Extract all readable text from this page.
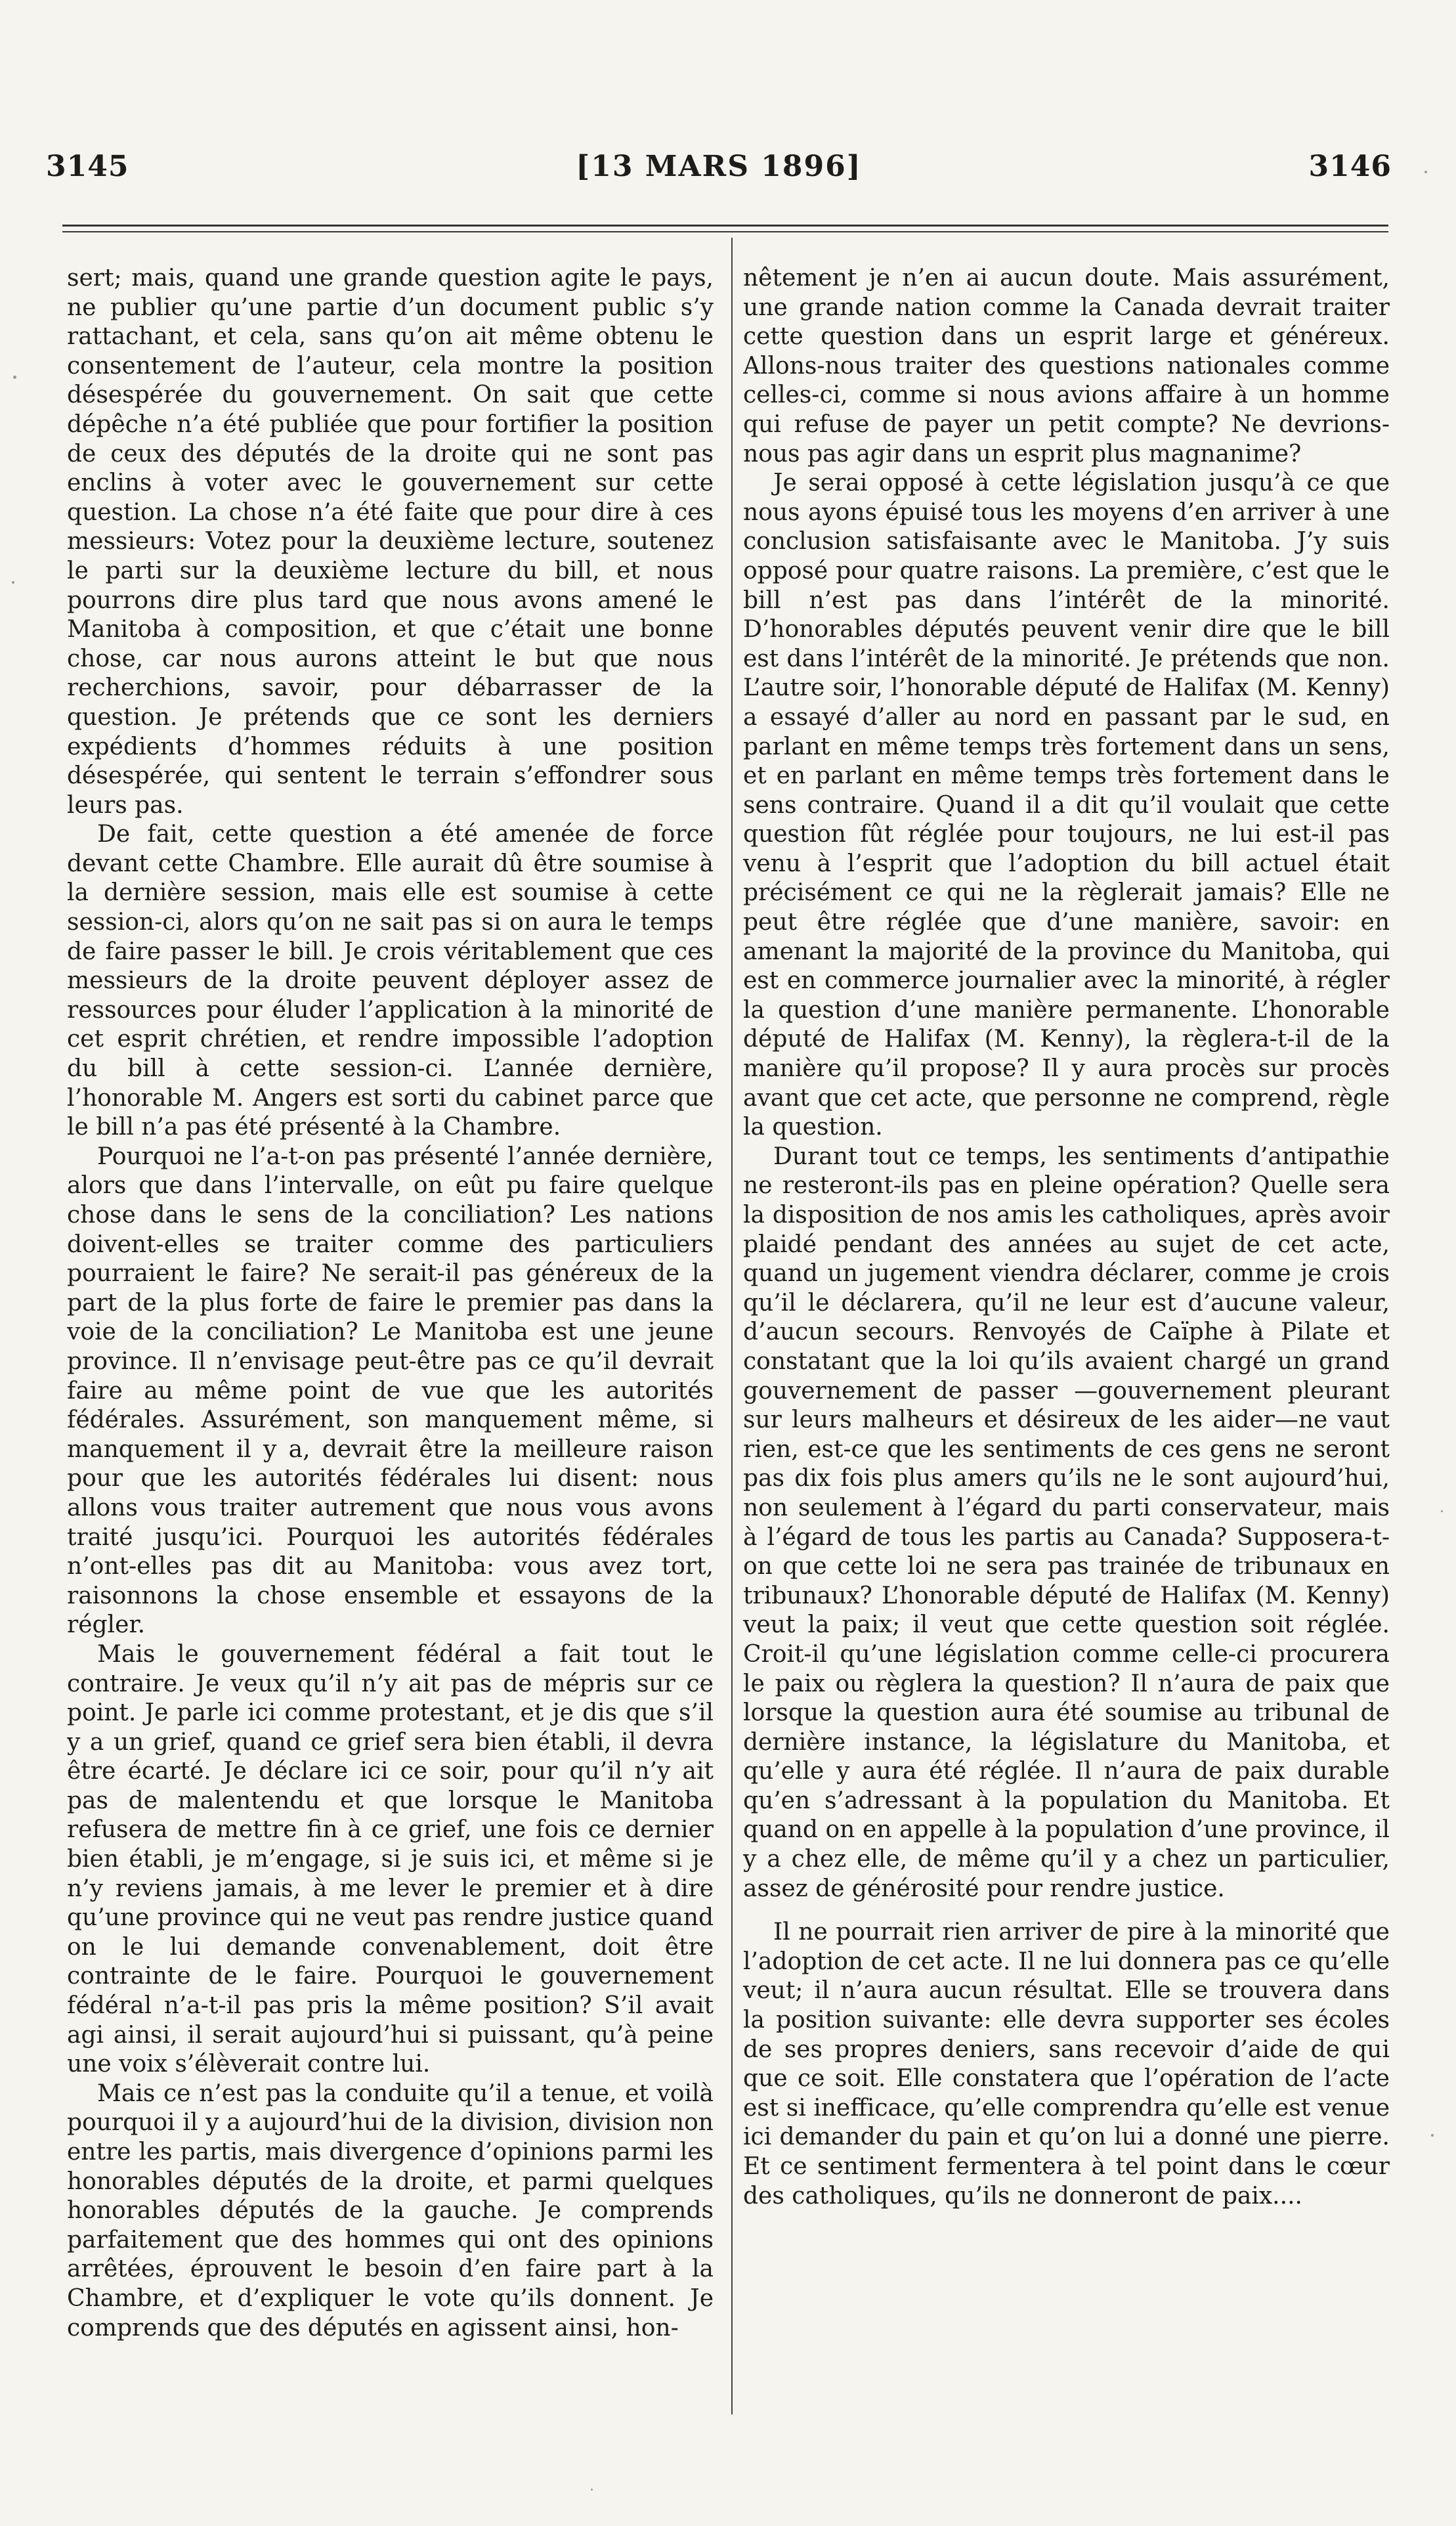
3145	[13 MARS 1896]	3146

sert; mais, quand une grande question agite le pays, ne publier qu’une partie d’un document public s’y rattachant, et cela, sans qu’on ait même obtenu le consentement de l’auteur, cela montre la position désespérée du gouvernement. On sait que cette dépêche n’a été publiée que pour fortifier la position de ceux des députés de la droite qui ne sont pas enclins à voter avec le gouvernement sur cette question. La chose n’a été faite que pour dire à ces messieurs: Votez pour la deuxième lecture, soutenez le parti sur la deuxième lecture du bill, et nous pourrons dire plus tard que nous avons amené le Manitoba à composition, et que c’était une bonne chose, car nous aurons atteint le but que nous recherchions, savoir, pour débarrasser de la question. Je prétends que ce sont les derniers expédients d’hommes réduits à une position désespérée, qui sentent le terrain s’effondrer sous leurs pas.

De fait, cette question a été amenée de force devant cette Chambre. Elle aurait dû être soumise à la dernière session, mais elle est soumise à cette session-ci, alors qu’on ne sait pas si on aura le temps de faire passer le bill. Je crois véritablement que ces messieurs de la droite peuvent déployer assez de ressources pour éluder l’application à la minorité de cet esprit chrétien, et rendre impossible l’adoption du bill à cette session-ci. L’année dernière, l’honorable M. Angers est sorti du cabinet parce que le bill n’a pas été présenté à la Chambre.

Pourquoi ne l’a-t-on pas présenté l’année dernière, alors que dans l’intervalle, on eût pu faire quelque chose dans le sens de la conciliation? Les nations doivent-elles se traiter comme des particuliers pourraient le faire? Ne serait-il pas généreux de la part de la plus forte de faire le premier pas dans la voie de la conciliation? Le Manitoba est une jeune province. Il n’envisage peut-être pas ce qu’il devrait faire au même point de vue que les autorités fédérales. Assurément, son manquement même, si manquement il y a, devrait être la meilleure raison pour que les autorités fédérales lui disent: nous allons vous traiter autrement que nous vous avons traité jusqu’ici. Pourquoi les autorités fédérales n’ont-elles pas dit au Manitoba: vous avez tort, raisonnons la chose ensemble et essayons de la régler.

Mais le gouvernement fédéral a fait tout le contraire. Je veux qu’il n’y ait pas de mépris sur ce point. Je parle ici comme protestant, et je dis que s’il y a un grief, quand ce grief sera bien établi, il devra être écarté. Je déclare ici ce soir, pour qu’il n’y ait pas de malentendu et que lorsque le Manitoba refusera de mettre fin à ce grief, une fois ce dernier bien établi, je m’engage, si je suis ici, et même si je n’y reviens jamais, à me lever le premier et à dire qu’une province qui ne veut pas rendre justice quand on le lui demande convenablement, doit être contrainte de le faire. Pourquoi le gouvernement fédéral n’a-t-il pas pris la même position? S’il avait agi ainsi, il serait aujourd’hui si puissant, qu’à peine une voix s’élèverait contre lui.

Mais ce n’est pas la conduite qu’il a tenue, et voilà pourquoi il y a aujourd’hui de la division, division non entre les partis, mais divergence d’opinions parmi les honorables députés de la droite, et parmi quelques honorables députés de la gauche. Je comprends parfaitement que des hommes qui ont des opinions arrêtées, éprouvent le besoin d’en faire part à la Chambre, et d’expliquer le vote qu’ils donnent. Je comprends que des députés en agissent ainsi, hon-

nêtement je n’en ai aucun doute. Mais assurément, une grande nation comme la Canada devrait traiter cette question dans un esprit large et généreux. Allons-nous traiter des questions nationales comme celles-ci, comme si nous avions affaire à un homme qui refuse de payer un petit compte? Ne devrions-nous pas agir dans un esprit plus magnanime?

Je serai opposé à cette législation jusqu’à ce que nous ayons épuisé tous les moyens d’en arriver à une conclusion satisfaisante avec le Manitoba. J’y suis opposé pour quatre raisons. La première, c’est que le bill n’est pas dans l’intérêt de la minorité. D’honorables députés peuvent venir dire que le bill est dans l’intérêt de la minorité. Je prétends que non. L’autre soir, l’honorable député de Halifax (M. Kenny) a essayé d’aller au nord en passant par le sud, en parlant en même temps très fortement dans un sens, et en parlant en même temps très fortement dans le sens contraire. Quand il a dit qu’il voulait que cette question fût réglée pour toujours, ne lui est-il pas venu à l’esprit que l’adoption du bill actuel était précisément ce qui ne la règlerait jamais? Elle ne peut être réglée que d’une manière, savoir: en amenant la majorité de la province du Manitoba, qui est en commerce journalier avec la minorité, à régler la question d’une manière permanente. L’honorable député de Halifax (M. Kenny), la règlera-t-il de la manière qu’il propose? Il y aura procès sur procès avant que cet acte, que personne ne comprend, règle la question.

Durant tout ce temps, les sentiments d’antipathie ne resteront-ils pas en pleine opération? Quelle sera la disposition de nos amis les catholiques, après avoir plaidé pendant des années au sujet de cet acte, quand un jugement viendra déclarer, comme je crois qu’il le déclarera, qu’il ne leur est d’aucune valeur, d’aucun secours. Renvoyés de Caïphe à Pilate et constatant que la loi qu’ils avaient chargé un grand gouvernement de passer —gouvernement pleurant sur leurs malheurs et désireux de les aider—ne vaut rien, est-ce que les sentiments de ces gens ne seront pas dix fois plus amers qu’ils ne le sont aujourd’hui, non seulement à l’égard du parti conservateur, mais à l’égard de tous les partis au Canada? Supposera-t-on que cette loi ne sera pas trainée de tribunaux en tribunaux? L’honorable député de Halifax (M. Kenny) veut la paix; il veut que cette question soit réglée. Croit-il qu’une législation comme celle-ci procurera le paix ou règlera la question? Il n’aura de paix que lorsque la question aura été soumise au tribunal de dernière instance, la législature du Manitoba, et qu’elle y aura été réglée. Il n’aura de paix durable qu’en s’adressant à la population du Manitoba. Et quand on en appelle à la population d’une province, il y a chez elle, de même qu’il y a chez un particulier, assez de générosité pour rendre justice.

Il ne pourrait rien arriver de pire à la minorité que l’adoption de cet acte. Il ne lui donnera pas ce qu’elle veut; il n’aura aucun résultat. Elle se trouvera dans la position suivante: elle devra supporter ses écoles de ses propres deniers, sans recevoir d’aide de qui que ce soit. Elle constatera que l’opération de l’acte est si inefficace, qu’elle comprendra qu’elle est venue ici demander du pain et qu’on lui a donné une pierre. Et ce sentiment fermentera à tel point dans le cœur des catholiques, qu’ils ne donneront de paix....
